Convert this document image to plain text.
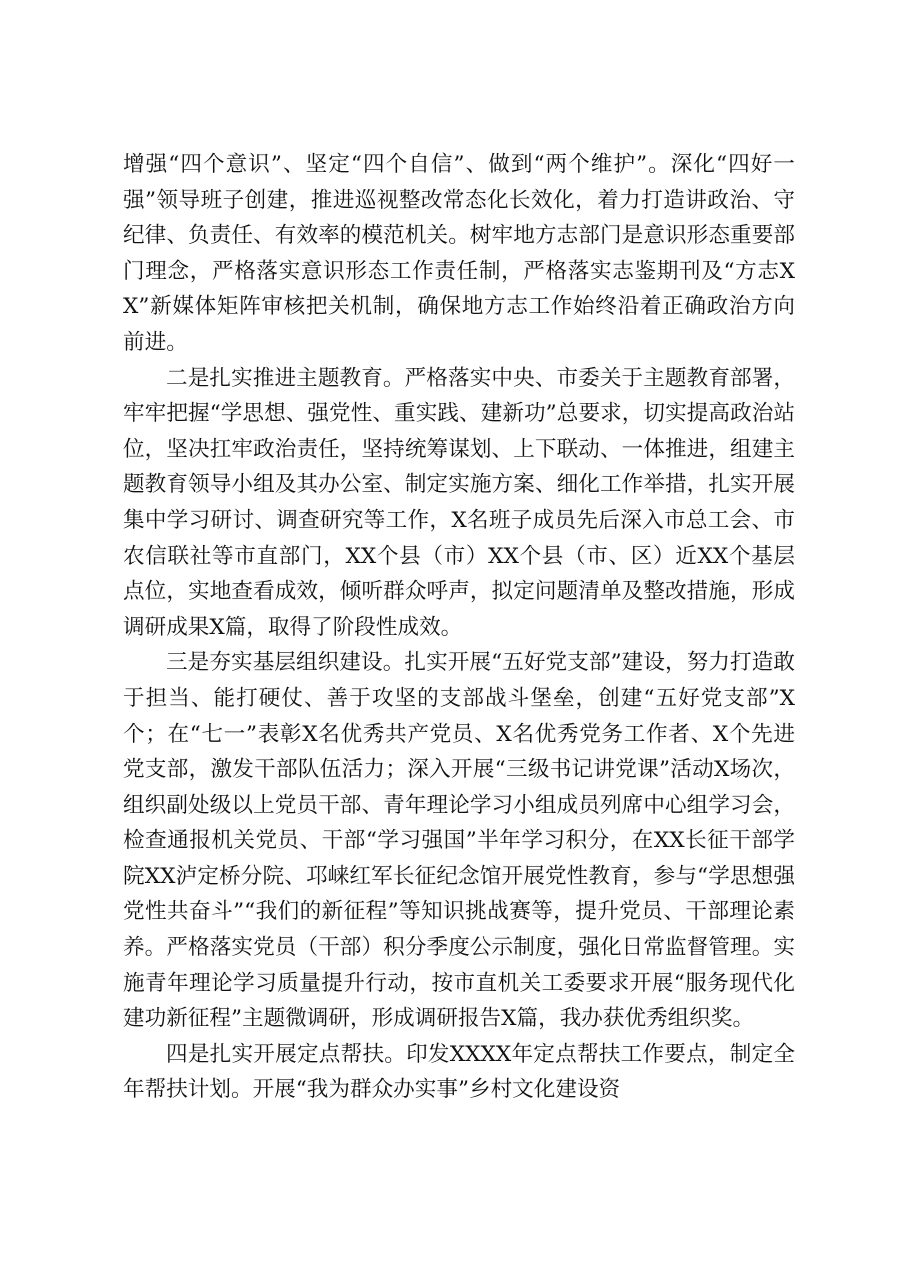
增强“四个意识”、坚定“四个自信”、做到“两个维护”。深化“四好一强”领导班子创建，推进巡视整改常态化长效化，着力打造讲政治、守纪律、负责任、有效率的模范机关。树牢地方志部门是意识形态重要部门理念，严格落实意识形态工作责任制，严格落实志鉴期刊及“方志XX”新媒体矩阵审核把关机制，确保地方志工作始终沿着正确政治方向前进。

二是扎实推进主题教育。严格落实中央、市委关于主题教育部署，牢牢把握“学思想、强党性、重实践、建新功”总要求，切实提高政治站位，坚决扛牢政治责任，坚持统筹谋划、上下联动、一体推进，组建主题教育领导小组及其办公室、制定实施方案、细化工作举措，扎实开展集中学习研讨、调查研究等工作，X名班子成员先后深入市总工会、市农信联社等市直部门，XX个县（市）XX个县（市、区）近XX个基层点位，实地查看成效，倾听群众呼声，拟定问题清单及整改措施，形成调研成果X篇，取得了阶段性成效。

三是夯实基层组织建设。扎实开展“五好党支部”建设，努力打造敢于担当、能打硬仗、善于攻坚的支部战斗堡垒，创建“五好党支部”X个；在“七一”表彰X名优秀共产党员、X名优秀党务工作者、X个先进党支部，激发干部队伍活力；深入开展“三级书记讲党课”活动X场次，组织副处级以上党员干部、青年理论学习小组成员列席中心组学习会，检查通报机关党员、干部“学习强国”半年学习积分，在XX长征干部学院XX泸定桥分院、邛崃红军长征纪念馆开展党性教育，参与“学思想强党性共奋斗”“我们的新征程”等知识挑战赛等，提升党员、干部理论素养。严格落实党员（干部）积分季度公示制度，强化日常监督管理。实施青年理论学习质量提升行动，按市直机关工委要求开展“服务现代化建功新征程”主题微调研，形成调研报告X篇，我办获优秀组织奖。

四是扎实开展定点帮扶。印发XXXX年定点帮扶工作要点，制定全年帮扶计划。开展“我为群众办实事”乡村文化建设资
